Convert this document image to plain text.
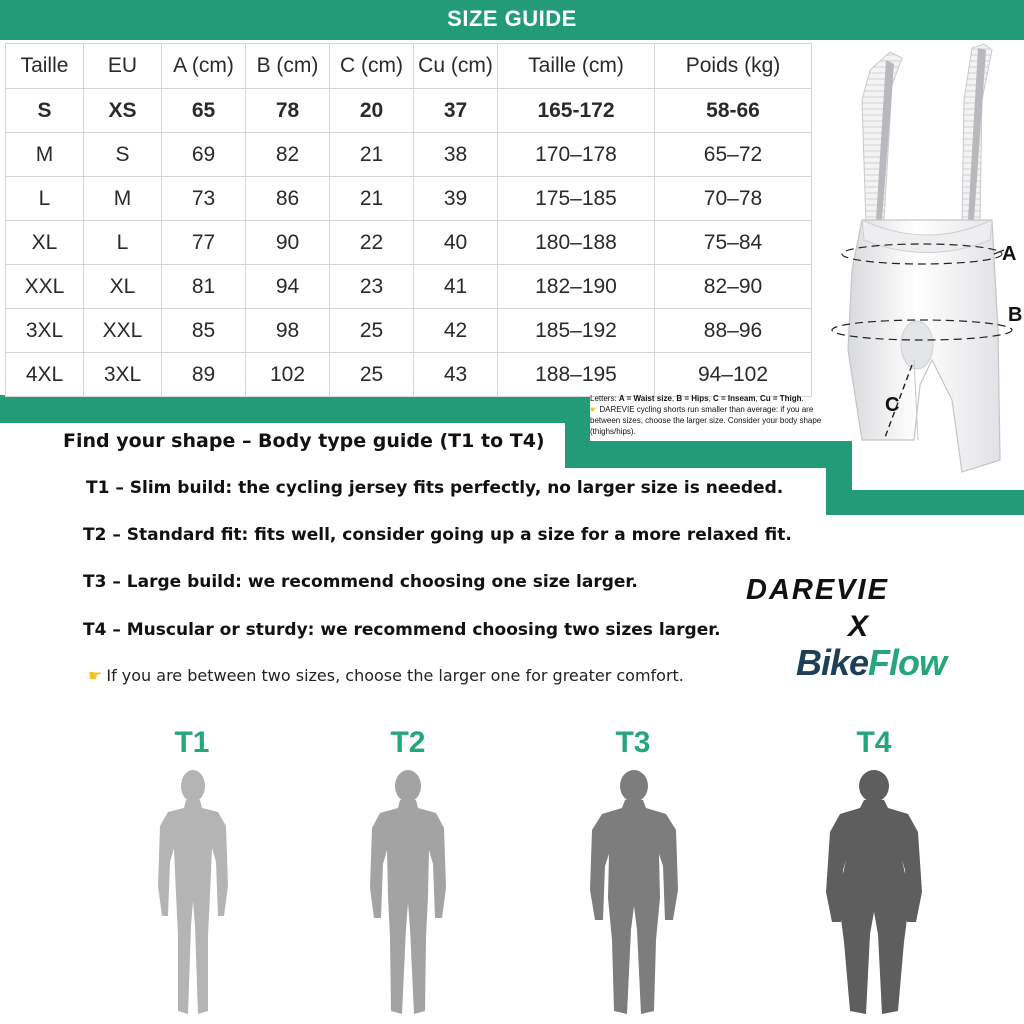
SIZE GUIDE
Taille	EU	A (cm)	B (cm)	C (cm)	Cu (cm)	Taille (cm)	Poids (kg)
S	XS	65	78	20	37	165-172	58-66
M	S	69	82	21	38	170–178	65–72
L	M	73	86	21	39	175–185	70–78
XL	L	77	90	22	40	180–188	75–84
XXL	XL	81	94	23	41	182–190	82–90
3XL	XXL	85	98	25	42	185–192	88–96
4XL	3XL	89	102	25	43	188–195	94–102
Letters: A = Waist size, B = Hips, C = Inseam, Cu = Thigh.
☛ DAREVIE cycling shorts run smaller than average: if you are between sizes, choose the larger size. Consider your body shape (thighs/hips).
A
B
C
Find your shape – Body type guide (T1 to T4)
T1 – Slim build: the cycling jersey fits perfectly, no larger size is needed.
T2 – Standard fit: fits well, consider going up a size for a more relaxed fit.
T3 – Large build: we recommend choosing one size larger.
T4 – Muscular or sturdy: we recommend choosing two sizes larger.
☛ If you are between two sizes, choose the larger one for greater comfort.
DAREVIE
X
BikeFlow
T1	T2	T3	T4
